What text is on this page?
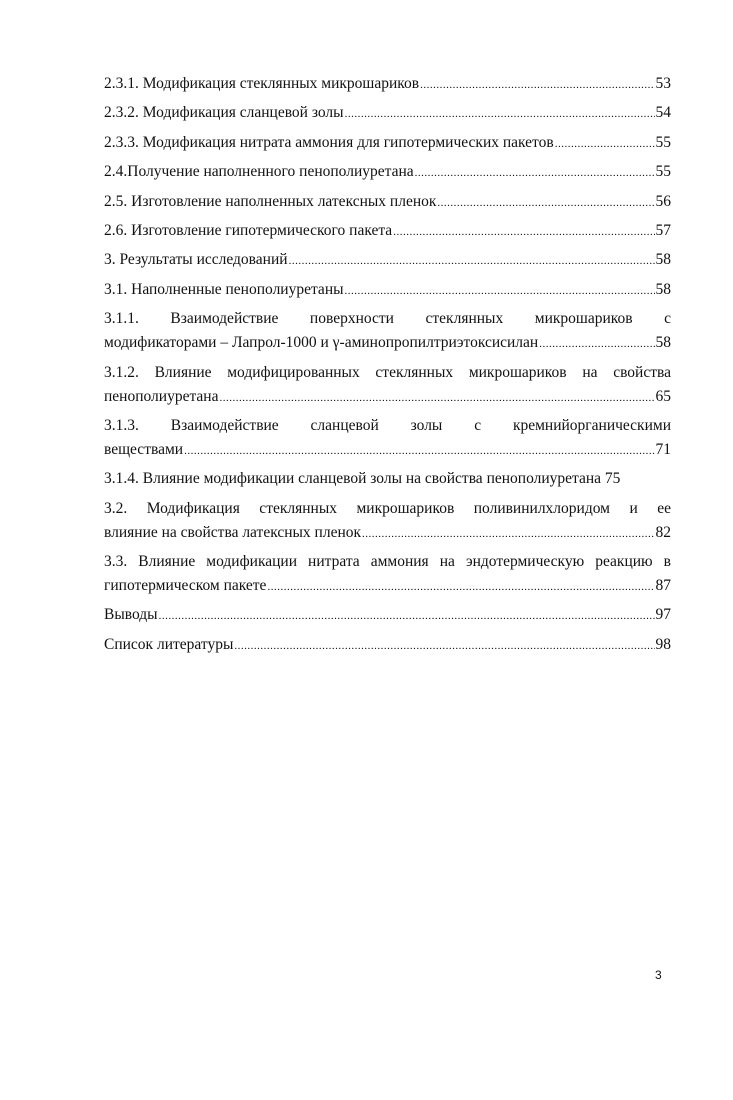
2.3.1. Модификация стеклянных микрошариков .....	53
2.3.2. Модификация сланцевой золы .....	54
2.3.3. Модификация нитрата аммония для гипотермических пакетов .....	55
2.4.Получение наполненного пенополиуретана .....	55
2.5. Изготовление наполненных латексных пленок .....	56
2.6. Изготовление гипотермического пакета .....	57
3. Результаты исследований .....	58
3.1. Наполненные пенополиуретаны .....	58
3.1.1. Взаимодействие поверхности стеклянных микрошариков с
модификаторами – Лапрол-1000 и γ-аминопропилтриэтоксисилан .....	58
3.1.2. Влияние модифицированных стеклянных микрошариков на свойства
пенополиуретана .....	65
3.1.3. Взаимодействие сланцевой золы с кремнийорганическими
веществами .....	71
3.1.4. Влияние модификации сланцевой золы на свойства пенополиуретана 75
3.2. Модификация стеклянных микрошариков поливинилхлоридом и ее
влияние на свойства латексных пленок .....	82
3.3. Влияние модификации нитрата аммония на эндотермическую реакцию в
гипотермическом пакете .....	87
Выводы .....	97
Список литературы .....	98
3
